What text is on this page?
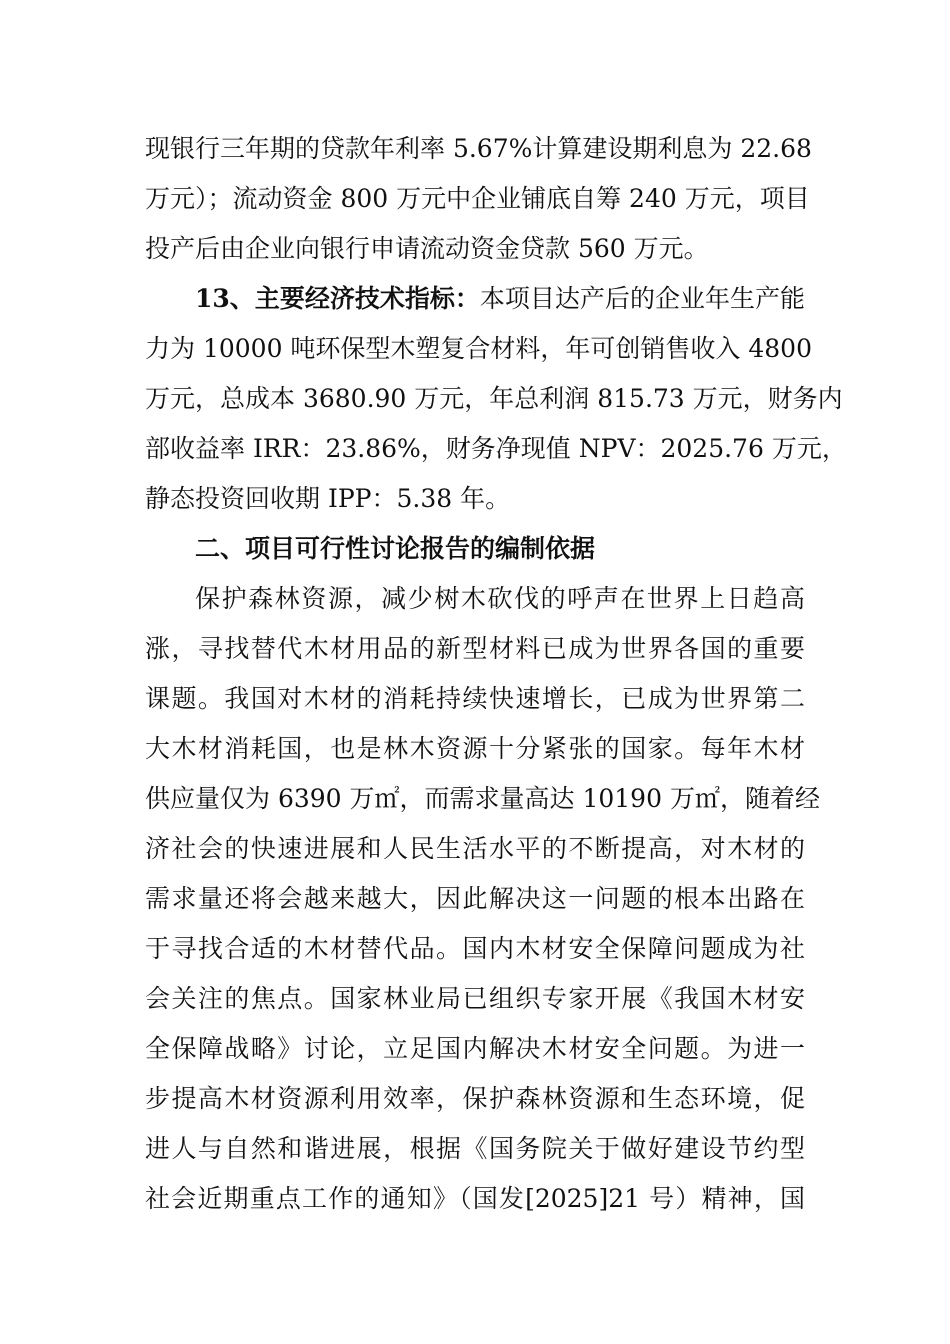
现银行三年期的贷款年利率 5.67%计算建设期利息为 22.68
万元）；流动资金 800 万元中企业铺底自筹 240 万元，项目
投产后由企业向银行申请流动资金贷款 560 万元。
13、主要经济技术指标：本项目达产后的企业年生产能
力为 10000 吨环保型木塑复合材料，年可创销售收入 4800
万元，总成本 3680.90 万元，年总利润 815.73 万元，财务内
部收益率 IRR：23.86%，财务净现值 NPV：2025.76 万元，
静态投资回收期 IPP：5.38 年。
二、项目可行性讨论报告的编制依据
保护森林资源，减少树木砍伐的呼声在世界上日趋高
涨，寻找替代木材用品的新型材料已成为世界各国的重要
课题。我国对木材的消耗持续快速增长，已成为世界第二
大木材消耗国，也是林木资源十分紧张的国家。每年木材
供应量仅为 6390 万㎡，而需求量高达 10190 万㎡，随着经
济社会的快速进展和人民生活水平的不断提高，对木材的
需求量还将会越来越大，因此解决这一问题的根本出路在
于寻找合适的木材替代品。国内木材安全保障问题成为社
会关注的焦点。国家林业局已组织专家开展《我国木材安
全保障战略》讨论，立足国内解决木材安全问题。为进一
步提高木材资源利用效率，保护森林资源和生态环境，促
进人与自然和谐进展，根据《国务院关于做好建设节约型
社会近期重点工作的通知》（国发[2025]21 号）精神，国
